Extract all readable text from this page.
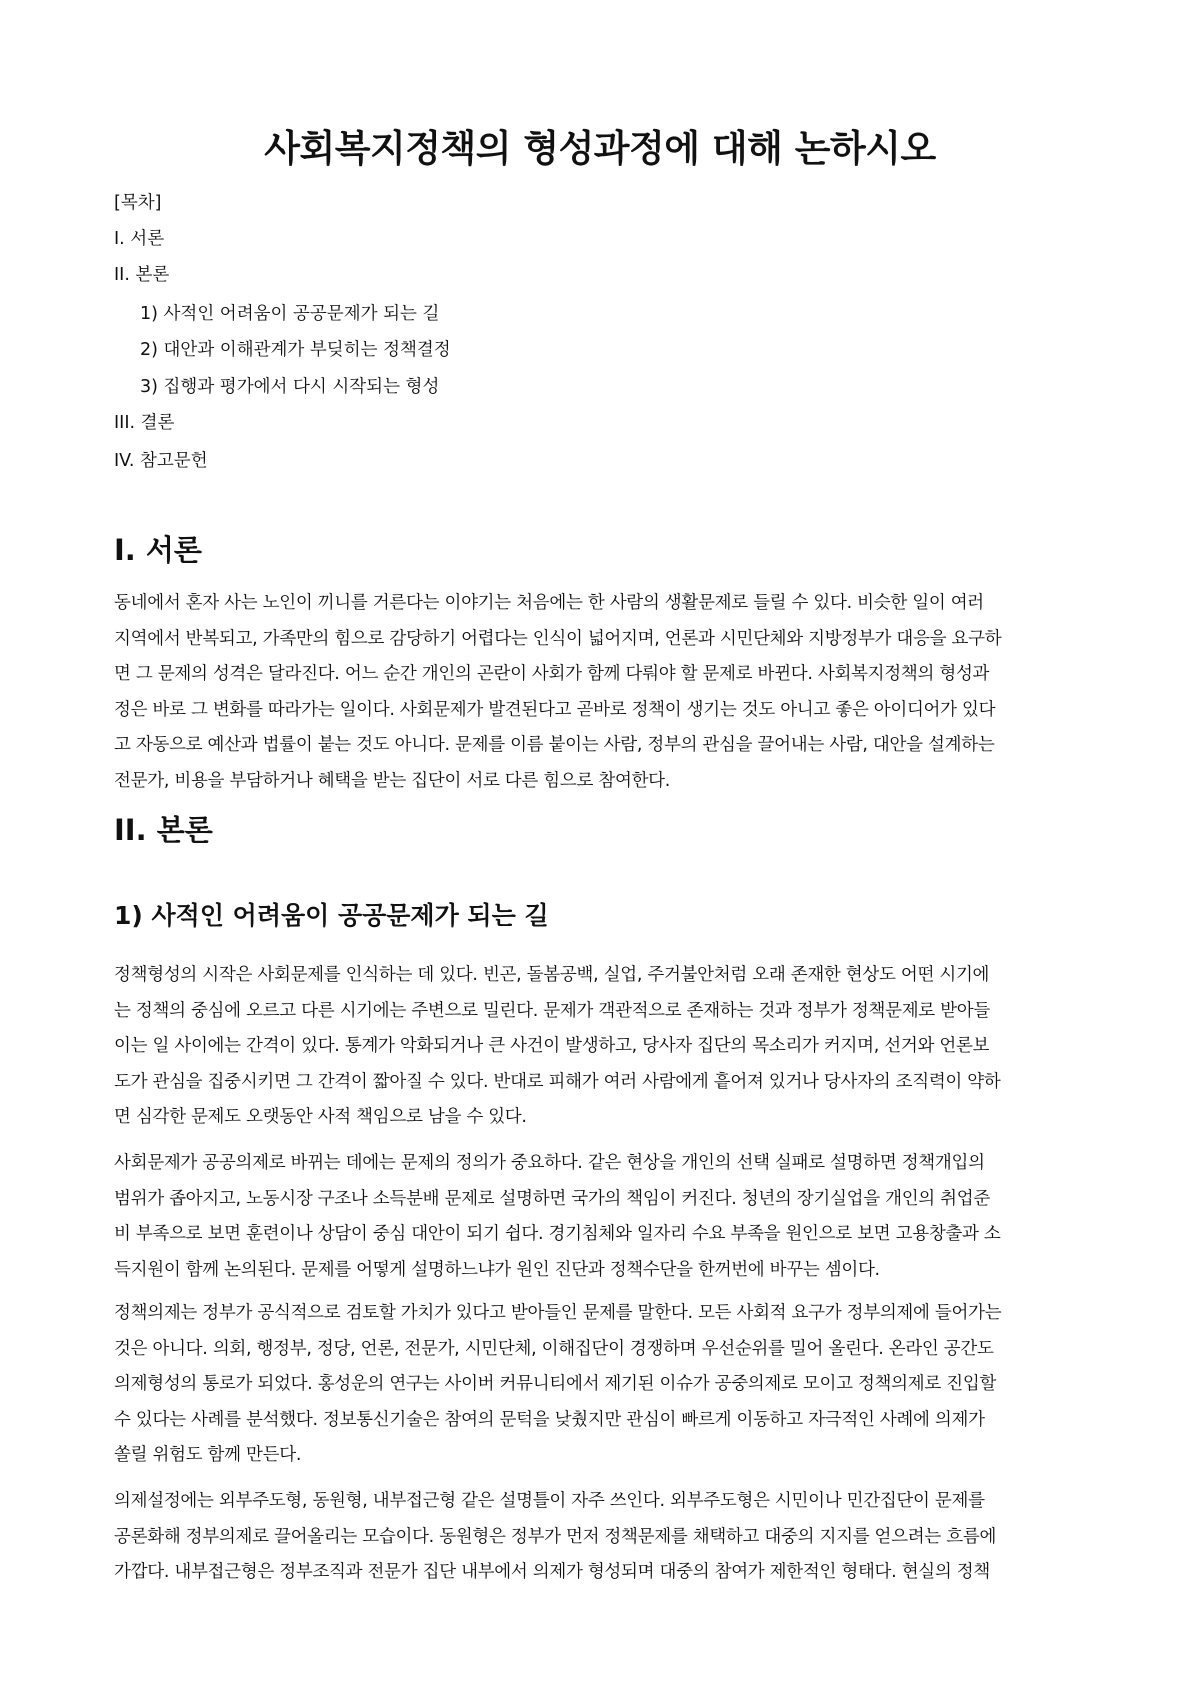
사회복지정책의 형성과정에 대해 논하시오
[목차]
I. 서론
II. 본론
1) 사적인 어려움이 공공문제가 되는 길
2) 대안과 이해관계가 부딪히는 정책결정
3) 집행과 평가에서 다시 시작되는 형성
III. 결론
IV. 참고문헌
I. 서론
동네에서 혼자 사는 노인이 끼니를 거른다는 이야기는 처음에는 한 사람의 생활문제로 들릴 수 있다. 비슷한 일이 여러
지역에서 반복되고, 가족만의 힘으로 감당하기 어렵다는 인식이 넓어지며, 언론과 시민단체와 지방정부가 대응을 요구하
면 그 문제의 성격은 달라진다. 어느 순간 개인의 곤란이 사회가 함께 다뤄야 할 문제로 바뀐다. 사회복지정책의 형성과
정은 바로 그 변화를 따라가는 일이다. 사회문제가 발견된다고 곧바로 정책이 생기는 것도 아니고 좋은 아이디어가 있다
고 자동으로 예산과 법률이 붙는 것도 아니다. 문제를 이름 붙이는 사람, 정부의 관심을 끌어내는 사람, 대안을 설계하는
전문가, 비용을 부담하거나 혜택을 받는 집단이 서로 다른 힘으로 참여한다.
II. 본론
1) 사적인 어려움이 공공문제가 되는 길
정책형성의 시작은 사회문제를 인식하는 데 있다. 빈곤, 돌봄공백, 실업, 주거불안처럼 오래 존재한 현상도 어떤 시기에
는 정책의 중심에 오르고 다른 시기에는 주변으로 밀린다. 문제가 객관적으로 존재하는 것과 정부가 정책문제로 받아들
이는 일 사이에는 간격이 있다. 통계가 악화되거나 큰 사건이 발생하고, 당사자 집단의 목소리가 커지며, 선거와 언론보
도가 관심을 집중시키면 그 간격이 짧아질 수 있다. 반대로 피해가 여러 사람에게 흩어져 있거나 당사자의 조직력이 약하
면 심각한 문제도 오랫동안 사적 책임으로 남을 수 있다.
사회문제가 공공의제로 바뀌는 데에는 문제의 정의가 중요하다. 같은 현상을 개인의 선택 실패로 설명하면 정책개입의
범위가 좁아지고, 노동시장 구조나 소득분배 문제로 설명하면 국가의 책임이 커진다. 청년의 장기실업을 개인의 취업준
비 부족으로 보면 훈련이나 상담이 중심 대안이 되기 쉽다. 경기침체와 일자리 수요 부족을 원인으로 보면 고용창출과 소
득지원이 함께 논의된다. 문제를 어떻게 설명하느냐가 원인 진단과 정책수단을 한꺼번에 바꾸는 셈이다.
정책의제는 정부가 공식적으로 검토할 가치가 있다고 받아들인 문제를 말한다. 모든 사회적 요구가 정부의제에 들어가는
것은 아니다. 의회, 행정부, 정당, 언론, 전문가, 시민단체, 이해집단이 경쟁하며 우선순위를 밀어 올린다. 온라인 공간도
의제형성의 통로가 되었다. 홍성운의 연구는 사이버 커뮤니티에서 제기된 이슈가 공중의제로 모이고 정책의제로 진입할
수 있다는 사례를 분석했다. 정보통신기술은 참여의 문턱을 낮췄지만 관심이 빠르게 이동하고 자극적인 사례에 의제가
쏠릴 위험도 함께 만든다.
의제설정에는 외부주도형, 동원형, 내부접근형 같은 설명틀이 자주 쓰인다. 외부주도형은 시민이나 민간집단이 문제를
공론화해 정부의제로 끌어올리는 모습이다. 동원형은 정부가 먼저 정책문제를 채택하고 대중의 지지를 얻으려는 흐름에
가깝다. 내부접근형은 정부조직과 전문가 집단 내부에서 의제가 형성되며 대중의 참여가 제한적인 형태다. 현실의 정책
